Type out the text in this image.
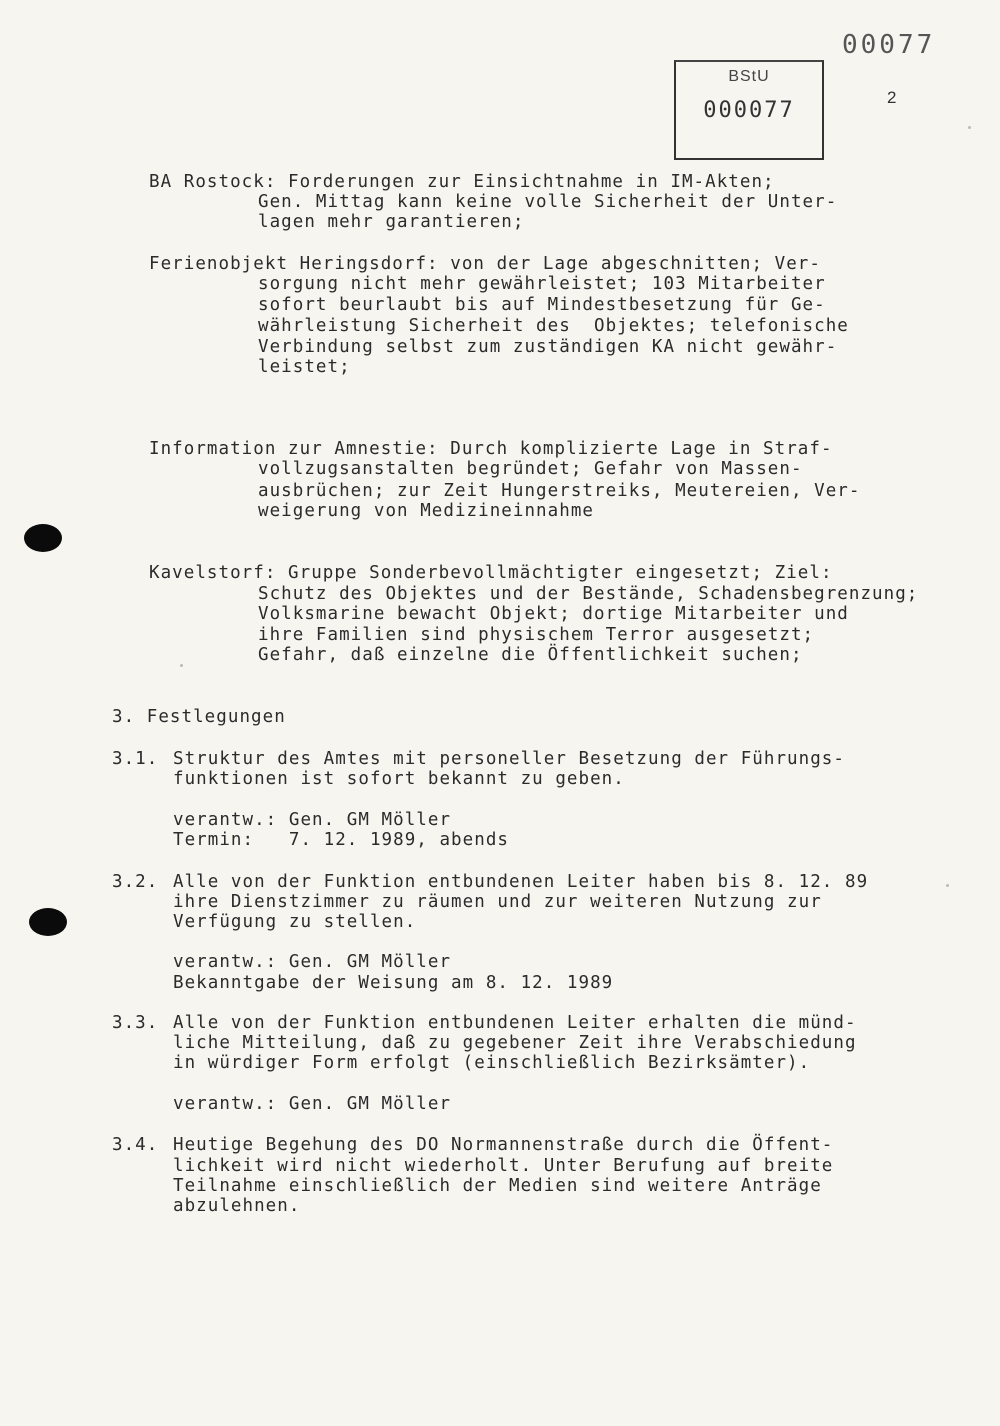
00077
2
BStU
000077
BA Rostock: Forderungen zur Einsichtnahme in IM-Akten;
Gen. Mittag kann keine volle Sicherheit der Unter-
lagen mehr garantieren;
Ferienobjekt Heringsdorf: von der Lage abgeschnitten; Ver-
sorgung nicht mehr gewährleistet; 103 Mitarbeiter
sofort beurlaubt bis auf Mindestbesetzung für Ge-
währleistung Sicherheit des  Objektes; telefonische
Verbindung selbst zum zuständigen KA nicht gewähr-
leistet;
Information zur Amnestie: Durch komplizierte Lage in Straf-
vollzugsanstalten begründet; Gefahr von Massen-
ausbrüchen; zur Zeit Hungerstreiks, Meutereien, Ver-
weigerung von Medizineinnahme
Kavelstorf: Gruppe Sonderbevollmächtigter eingesetzt; Ziel:
Schutz des Objektes und der Bestände, Schadensbegrenzung;
Volksmarine bewacht Objekt; dortige Mitarbeiter und
ihre Familien sind physischem Terror ausgesetzt;
Gefahr, daß einzelne die Öffentlichkeit suchen;
3. Festlegungen
3.1. Struktur des Amtes mit personeller Besetzung der Führungs-
funktionen ist sofort bekannt zu geben.
verantw.: Gen. GM Möller
Termin:   7. 12. 1989, abends
3.2. Alle von der Funktion entbundenen Leiter haben bis 8. 12. 89
ihre Dienstzimmer zu räumen und zur weiteren Nutzung zur
Verfügung zu stellen.
verantw.: Gen. GM Möller
Bekanntgabe der Weisung am 8. 12. 1989
3.3. Alle von der Funktion entbundenen Leiter erhalten die münd-
liche Mitteilung, daß zu gegebener Zeit ihre Verabschiedung
in würdiger Form erfolgt (einschließlich Bezirksämter).
verantw.: Gen. GM Möller
3.4. Heutige Begehung des DO Normannenstraße durch die Öffent-
lichkeit wird nicht wiederholt. Unter Berufung auf breite
Teilnahme einschließlich der Medien sind weitere Anträge
abzulehnen.
